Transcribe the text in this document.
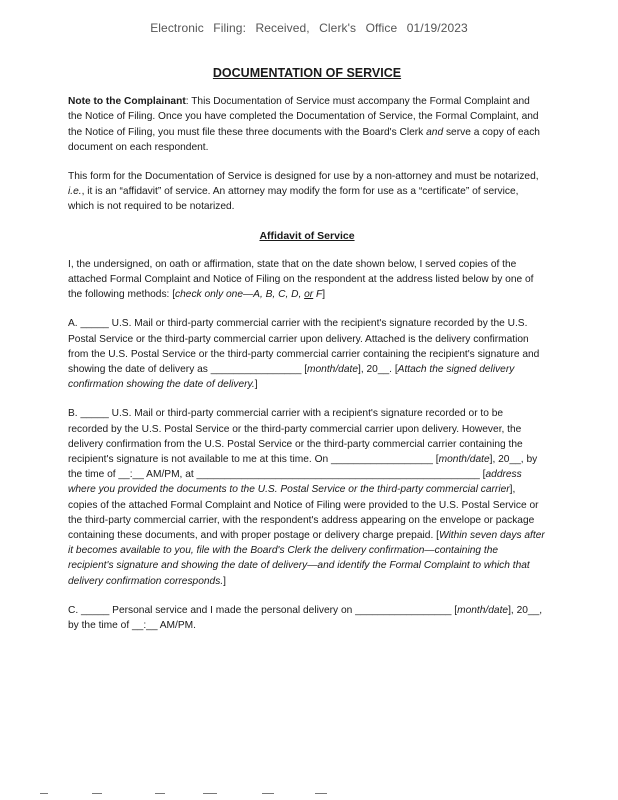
Electronic Filing: Received, Clerk's Office 01/19/2023
DOCUMENTATION OF SERVICE

Note to the Complainant: This Documentation of Service must accompany the Formal Complaint and the Notice of Filing. Once you have completed the Documentation of Service, the Formal Complaint, and the Notice of Filing, you must file these three documents with the Board's Clerk and serve a copy of each document on each respondent.

This form for the Documentation of Service is designed for use by a non-attorney and must be notarized, i.e., it is an “affidavit” of service. An attorney may modify the form for use as a “certificate” of service, which is not required to be notarized.

Affidavit of Service

I, the undersigned, on oath or affirmation, state that on the date shown below, I served copies of the attached Formal Complaint and Notice of Filing on the respondent at the address listed below by one of the following methods: [check only one—A, B, C, D, or F]

A. _____ U.S. Mail or third-party commercial carrier with the recipient's signature recorded by the U.S. Postal Service or the third-party commercial carrier upon delivery. Attached is the delivery confirmation from the U.S. Postal Service or the third-party commercial carrier containing the recipient's signature and showing the date of delivery as ________________ [month/date], 20__. [Attach the signed delivery confirmation showing the date of delivery.]

B. _____ U.S. Mail or third-party commercial carrier with a recipient's signature recorded or to be recorded by the U.S. Postal Service or the third-party commercial carrier upon delivery. However, the delivery confirmation from the U.S. Postal Service or the third-party commercial carrier containing the recipient's signature is not available to me at this time. On __________________ [month/date], 20__, by the time of __:__ AM/PM, at __________________________________________________ [address where you provided the documents to the U.S. Postal Service or the third-party commercial carrier], copies of the attached Formal Complaint and Notice of Filing were provided to the U.S. Postal Service or the third-party commercial carrier, with the respondent's address appearing on the envelope or package containing these documents, and with proper postage or delivery charge prepaid. [Within seven days after it becomes available to you, file with the Board's Clerk the delivery confirmation—containing the recipient's signature and showing the date of delivery—and identify the Formal Complaint to which that delivery confirmation corresponds.]

C. _____ Personal service and I made the personal delivery on _________________ [month/date], 20__, by the time of __:__ AM/PM.
